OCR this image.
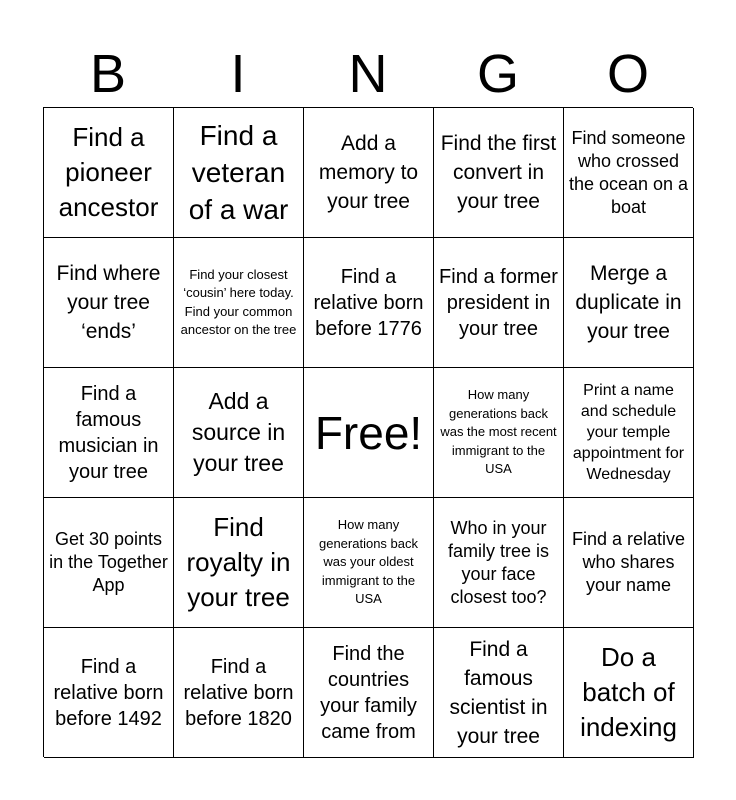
B	I	N	G	O
Find a pioneer ancestor
Find a veteran of a war
Add a memory to your tree
Find the first convert in your tree
Find someone who crossed the ocean on a boat
Find where your tree ‘ends’
Find your closest ‘cousin’ here today. Find your common ancestor on the tree
Find a relative born before 1776
Find a former president in your tree
Merge a duplicate in your tree
Find a famous musician in your tree
Add a source in your tree
Free!
How many generations back was the most recent immigrant to the USA
Print a name and schedule your temple appointment for Wednesday
Get 30 points in the Together App
Find royalty in your tree
How many generations back was your oldest immigrant to the USA
Who in your family tree is your face closest too?
Find a relative who shares your name
Find a relative born before 1492
Find a relative born before 1820
Find the countries your family came from
Find a famous scientist in your tree
Do a batch of indexing
